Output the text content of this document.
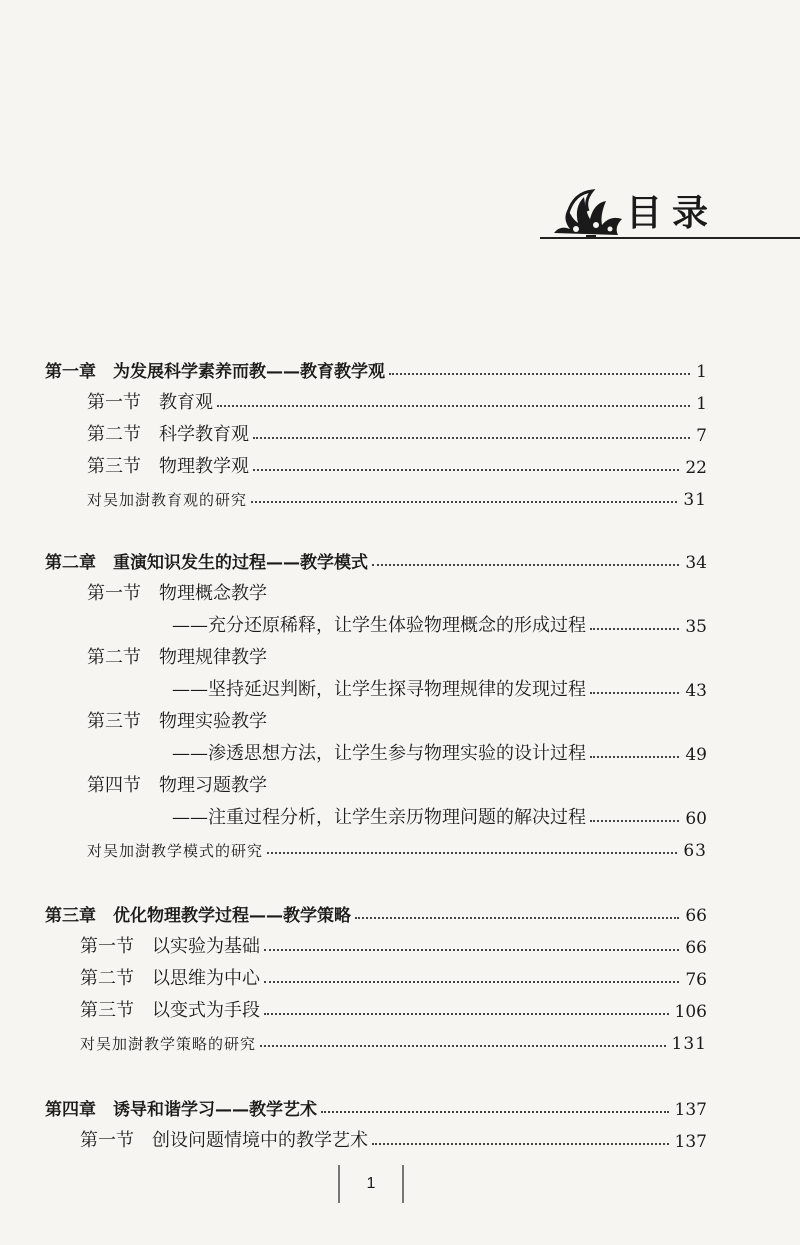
目录
第一章　为发展科学素养而教——教育教学观	1
第一节　教育观	1
第二节　科学教育观	7
第三节　物理教学观	22
对吴加澍教育观的研究	31
第二章　重演知识发生的过程——教学模式	34
第一节　物理概念教学
——充分还原稀释，让学生体验物理概念的形成过程	35
第二节　物理规律教学
——坚持延迟判断，让学生探寻物理规律的发现过程	43
第三节　物理实验教学
——渗透思想方法，让学生参与物理实验的设计过程	49
第四节　物理习题教学
——注重过程分析，让学生亲历物理问题的解决过程	60
对吴加澍教学模式的研究	63
第三章　优化物理教学过程——教学策略	66
第一节　以实验为基础	66
第二节　以思维为中心	76
第三节　以变式为手段	106
对吴加澍教学策略的研究	131
第四章　诱导和谐学习——教学艺术	137
第一节　创设问题情境中的教学艺术	137
1
